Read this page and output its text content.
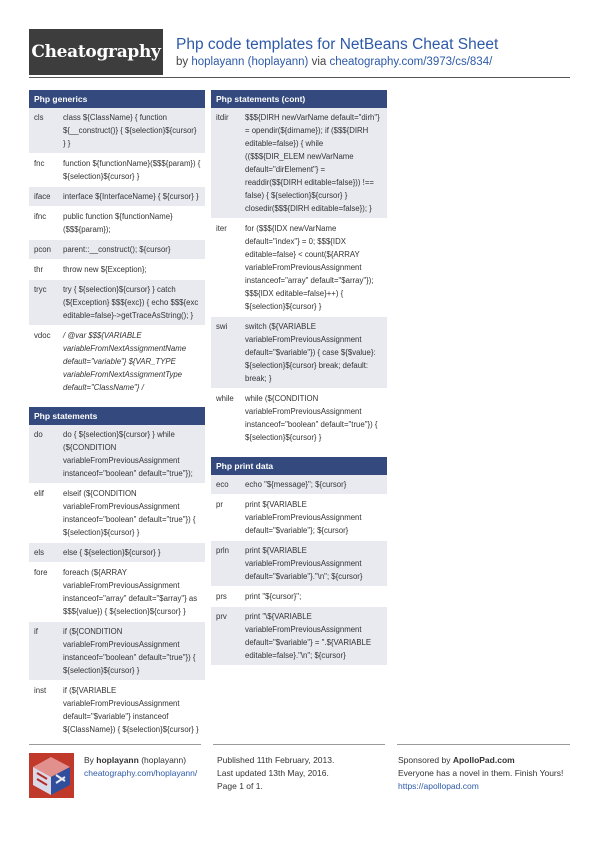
Cheatography Php code templates for NetBeans Cheat Sheet
by hoplayann (hoplayann) via cheatography.com/3973/cs/834/
Php generics
cls	class ${ClassName} { function ${__construct()} { ${selection}${cursor} } }
fnc	function ${functionName}($$${param}) { ${selection}${cursor} }
iface	interface ${InterfaceName} { ${cursor} }
ifnc	public function ${functionName}($$${param});
pcon	parent::__construct(); ${cursor}
thr	throw new ${Exception};
tryc	try { ${selection}${cursor} } catch (${Exception} $$${exc}) { echo $$${exc editable=false}->getTraceAsString(); }
vdoc	/ @var $$${VARIABLE variableFromNextAssignmentName default="variable"} ${VAR_TYPE variableFromNextAssignmentType default="ClassName"} /
Php statements
do	do { ${selection}${cursor} } while (${CONDITION variableFromPreviousAssignment instanceof="boolean" default="true"});
elif	elseif (${CONDITION variableFromPreviousAssignment instanceof="boolean" default="true"}) { ${selection}${cursor} }
els	else { ${selection}${cursor} }
fore	foreach (${ARRAY variableFromPreviousAssignment instanceof="array" default="$array"} as $$${value}) { ${selection}${cursor} }
if	if (${CONDITION variableFromPreviousAssignment instanceof="boolean" default="true"}) { ${selection}${cursor} }
inst	if (${VARIABLE variableFromPreviousAssignment default="$variable"} instanceof ${ClassName}) { ${selection}${cursor} }
Php statements (cont)
itdir	$$${DIRH newVarName default="dirh"} = opendir(${dirname}); if ($$${DIRH editable=false}) { while (($$${DIR_ELEM newVarName default="dirElement"} = readdir($${DIRH editable=false})) !== false) { ${selection}${cursor} } closedir($$${DIRH editable=false}); }
iter	for ($$${IDX newVarName default="index"} = 0; $$${IDX editable=false} < count(${ARRAY variableFromPreviousAssignment instanceof="array" default="$array"}); $$${IDX editable=false}++) { ${selection}${cursor} }
swi	switch (${VARIABLE variableFromPreviousAssignment default="$variable"}) { case ${$value}: ${selection}${cursor} break; default: break; }
while	while (${CONDITION variableFromPreviousAssignment instanceof="boolean" default="true"}) { ${selection}${cursor} }
Php print data
eco	echo "${message}"; ${cursor}
pr	print ${VARIABLE variableFromPreviousAssignment default="$variable"}; ${cursor}
prln	print ${VARIABLE variableFromPreviousAssignment default="$variable"}."\n"; ${cursor}
prs	print "${cursor}";
prv	print "\${VARIABLE variableFromPreviousAssignment default="$variable"} = ".${VARIABLE editable=false}."\n"; ${cursor}
By hoplayann (hoplayann)
cheatography.com/hoplayann/
Published 11th February, 2013.
Last updated 13th May, 2016.
Page 1 of 1.
Sponsored by ApolloPad.com
Everyone has a novel in them. Finish Yours!
https://apollopad.com
